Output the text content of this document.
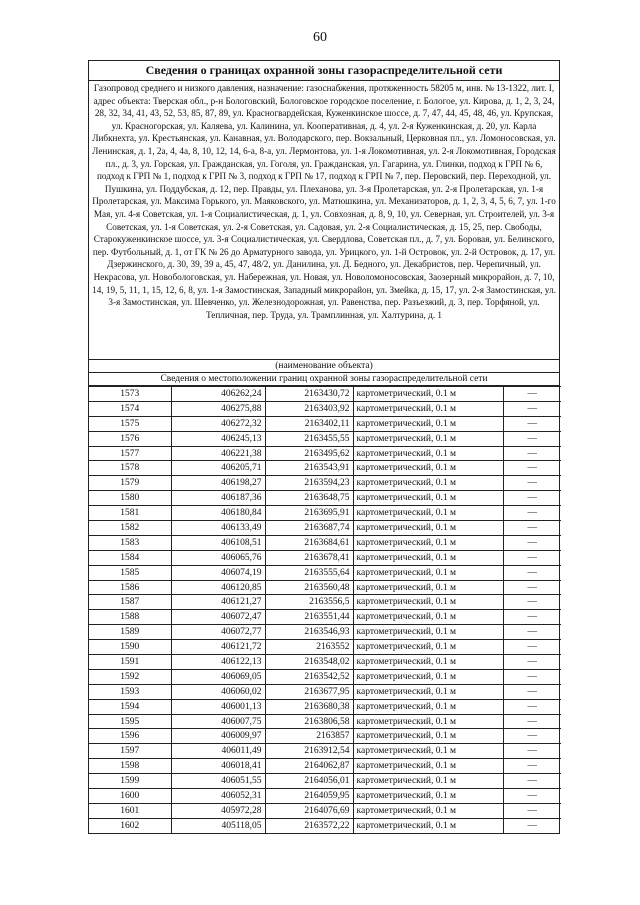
60
Сведения о границах охранной зоны газораспределительной сети
Газопровод среднего и низкого давления, назначение: газоснабжения, протяженность 58205 м, инв. № 13-1322, лит. I, адрес объекта: Тверская обл., р-н Бологовский, Бологовское городское поселение, г. Бологое, ул. Кирова, д. 1, 2, 3, 24, 28, 32, 34, 41, 43, 52, 53, 85, 87, 89, ул. Красногвардейская, Куженкинское шоссе, д. 7, 47, 44, 45, 48, 46, ул. Крупская, ул. Красногорская, ул. Каляева, ул. Калинина, ул. Кооперативная, д. 4, ул. 2-я Куженкинская, д. 20, ул. Карла Либкнехта, ул. Крестьянская, ул. Канавная, ул. Володарского, пер. Вокзальный, Церковная пл., ул. Ломоносовская, ул. Ленинская, д. 1, 2а, 4, 4а, 8, 10, 12, 14, 6-а, 8-а, ул. Лермонтова, ул. 1-я Локомотивная, ул. 2-я Локомотивная, Городская пл., д. 3, ул. Горская, ул. Гражданская, ул. Гоголя, ул. Гражданская, ул. Гагарина, ул. Глинки, подход к ГРП № 6, подход к ГРП № 1, подход к ГРП № 3, подход к ГРП № 17, подход к ГРП № 7, пер. Перовский, пер. Переходной, ул. Пушкина, ул. Поддубская, д. 12, пер. Правды, ул. Плеханова, ул. 3-я Пролетарская, ул. 2-я Пролетарская, ул. 1-я Пролетарская, ул. Максима Горького, ул. Маяковского, ул. Матюшкина, ул. Механизаторов, д. 1, 2, 3, 4, 5, 6, 7, ул. 1-го Мая, ул. 4-я Советская, ул. 1-я Социалистическая, д. 1, ул. Совхозная, д. 8, 9, 10, ул. Северная, ул. Строителей, ул. 3-я Советская, ул. 1-я Советская, ул. 2-я Советская, ул. Садовая, ул. 2-я Социалистическая, д. 15, 25, пер. Свободы, Старокуженкинское шоссе, ул. 3-я Социалистическая, ул. Свердлова, Советская пл., д. 7, ул. Боровая, ул. Белинского, пер. Футбольный, д. 1, от ГК № 26 до Арматурного завода, ул. Урицкого, ул. 1-й Островок, ул. 2-й Островок, д. 17, ул. Дзержинского, д. 30, 39, 39 а, 45, 47, 48/2, ул. Данилина, ул. Д. Бедного, ул. Декабристов, пер. Черепичный, ул. Некрасова, ул. Новобологовская, ул. Набережная, ул. Новая, ул. Новоломоносовская, Заозерный микрорайон, д. 7, 10, 14, 19, 5, 11, 1, 15, 12, 6, 8, ул. 1-я Замостинская, Западный микрорайон, ул. Змейка, д. 15, 17, ул. 2-я Замостинская, ул. 3-я Замостинская, ул. Шевченко, ул. Железнодорожная, ул. Равенства, пер. Разъезжий, д. 3, пер. Торфяной, ул. Тепличная, пер. Труда, ул. Трамплинная, ул. Халтурина, д. 1
(наименование объекта)
Сведения о местоположении границ охранной зоны газораспределительной сети
1573	406262,24	2163430,72	картометрический, 0.1 м	—
1574	406275,88	2163403,92	картометрический, 0.1 м	—
1575	406272,32	2163402,11	картометрический, 0.1 м	—
1576	406245,13	2163455,55	картометрический, 0.1 м	—
1577	406221,38	2163495,62	картометрический, 0.1 м	—
1578	406205,71	2163543,91	картометрический, 0.1 м	—
1579	406198,27	2163594,23	картометрический, 0.1 м	—
1580	406187,36	2163648,75	картометрический, 0.1 м	—
1581	406180,84	2163695,91	картометрический, 0.1 м	—
1582	406133,49	2163687,74	картометрический, 0.1 м	—
1583	406108,51	2163684,61	картометрический, 0.1 м	—
1584	406065,76	2163678,41	картометрический, 0.1 м	—
1585	406074,19	2163555,64	картометрический, 0.1 м	—
1586	406120,85	2163560,48	картометрический, 0.1 м	—
1587	406121,27	2163556,5	картометрический, 0.1 м	—
1588	406072,47	2163551,44	картометрический, 0.1 м	—
1589	406072,77	2163546,93	картометрический, 0.1 м	—
1590	406121,72	2163552	картометрический, 0.1 м	—
1591	406122,13	2163548,02	картометрический, 0.1 м	—
1592	406069,05	2163542,52	картометрический, 0.1 м	—
1593	406060,02	2163677,95	картометрический, 0.1 м	—
1594	406001,13	2163680,38	картометрический, 0.1 м	—
1595	406007,75	2163806,58	картометрический, 0.1 м	—
1596	406009,97	2163857	картометрический, 0.1 м	—
1597	406011,49	2163912,54	картометрический, 0.1 м	—
1598	406018,41	2164062,87	картометрический, 0.1 м	—
1599	406051,55	2164056,01	картометрический, 0.1 м	—
1600	406052,31	2164059,95	картометрический, 0.1 м	—
1601	405972,28	2164076,69	картометрический, 0.1 м	—
1602	405118,05	2163572,22	картометрический, 0.1 м	—
